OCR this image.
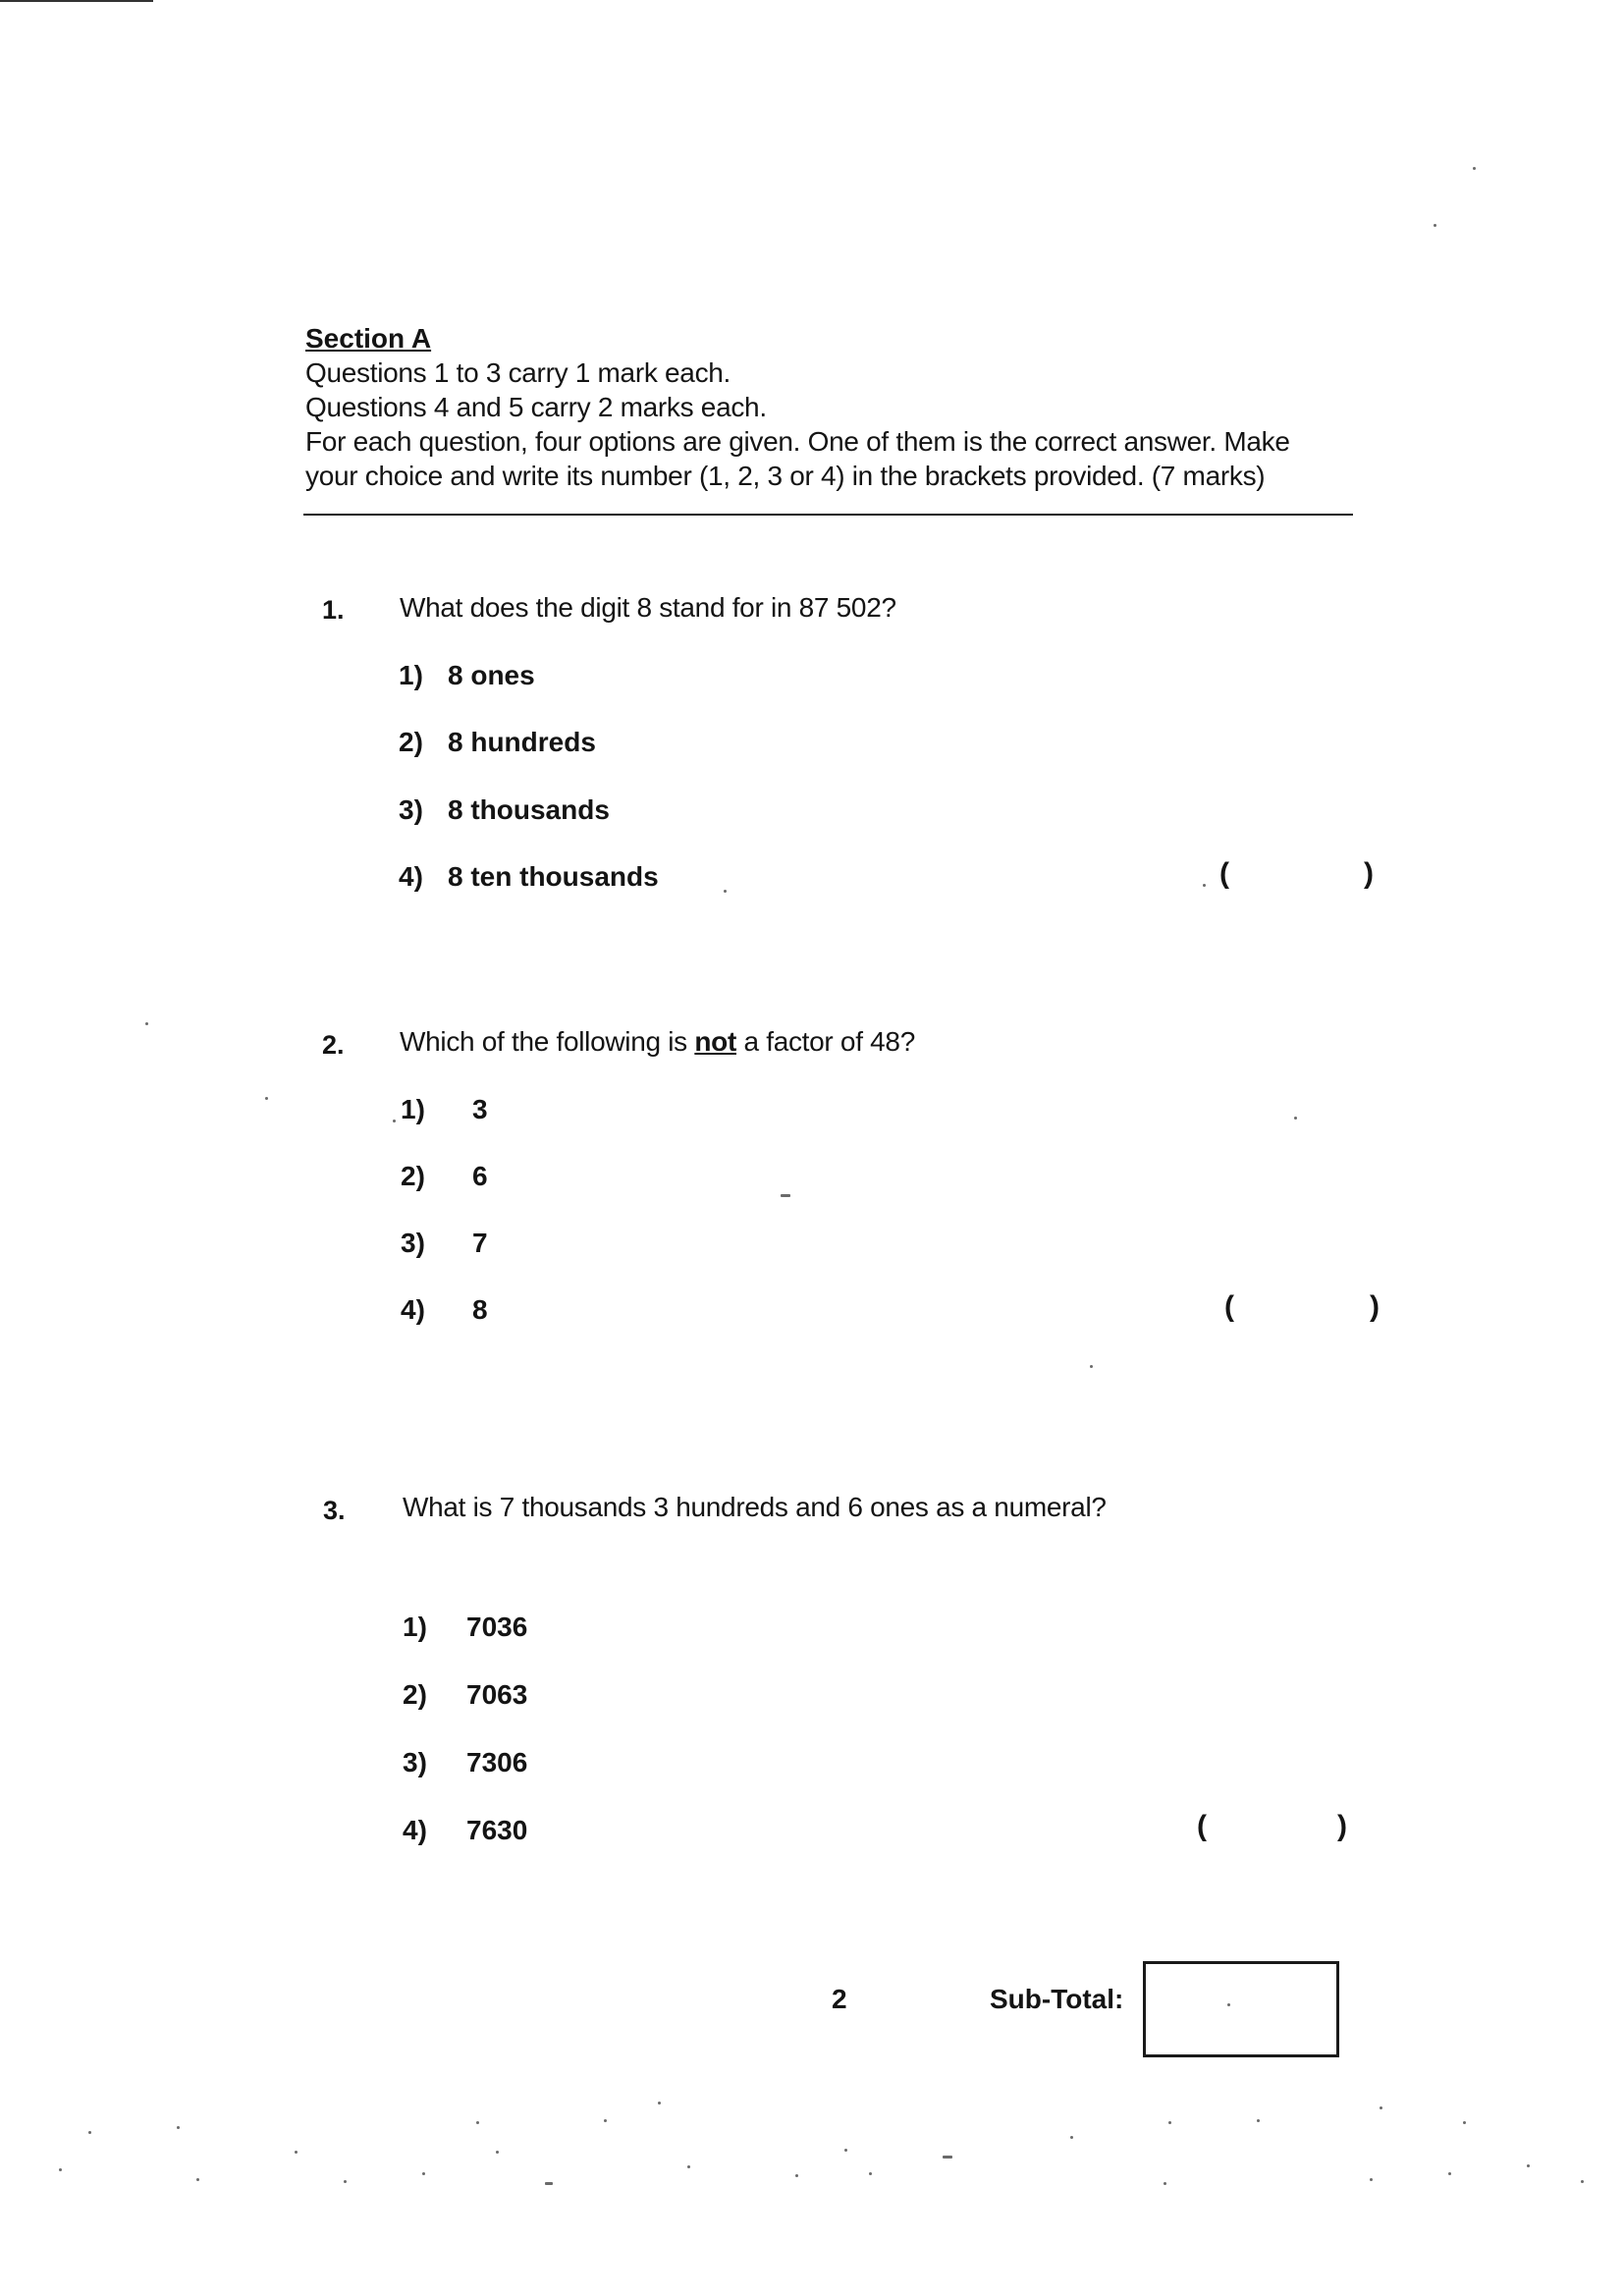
Section A
Questions 1 to 3 carry 1 mark each.
Questions 4 and 5 carry 2 marks each.
For each question, four options are given. One of them is the correct answer. Make
your choice and write its number (1, 2, 3 or 4) in the brackets provided. (7 marks)
1. What does the digit 8 stand for in 87 502?
1) 8 ones
2) 8 hundreds
3) 8 thousands
4) 8 ten thousands	(	)
2. Which of the following is not a factor of 48?
1) 3
2) 6
3) 7
4) 8	(	)
3. What is 7 thousands 3 hundreds and 6 ones as a numeral?
1) 7036
2) 7063
3) 7306
4) 7630	(	)
2	Sub-Total:
